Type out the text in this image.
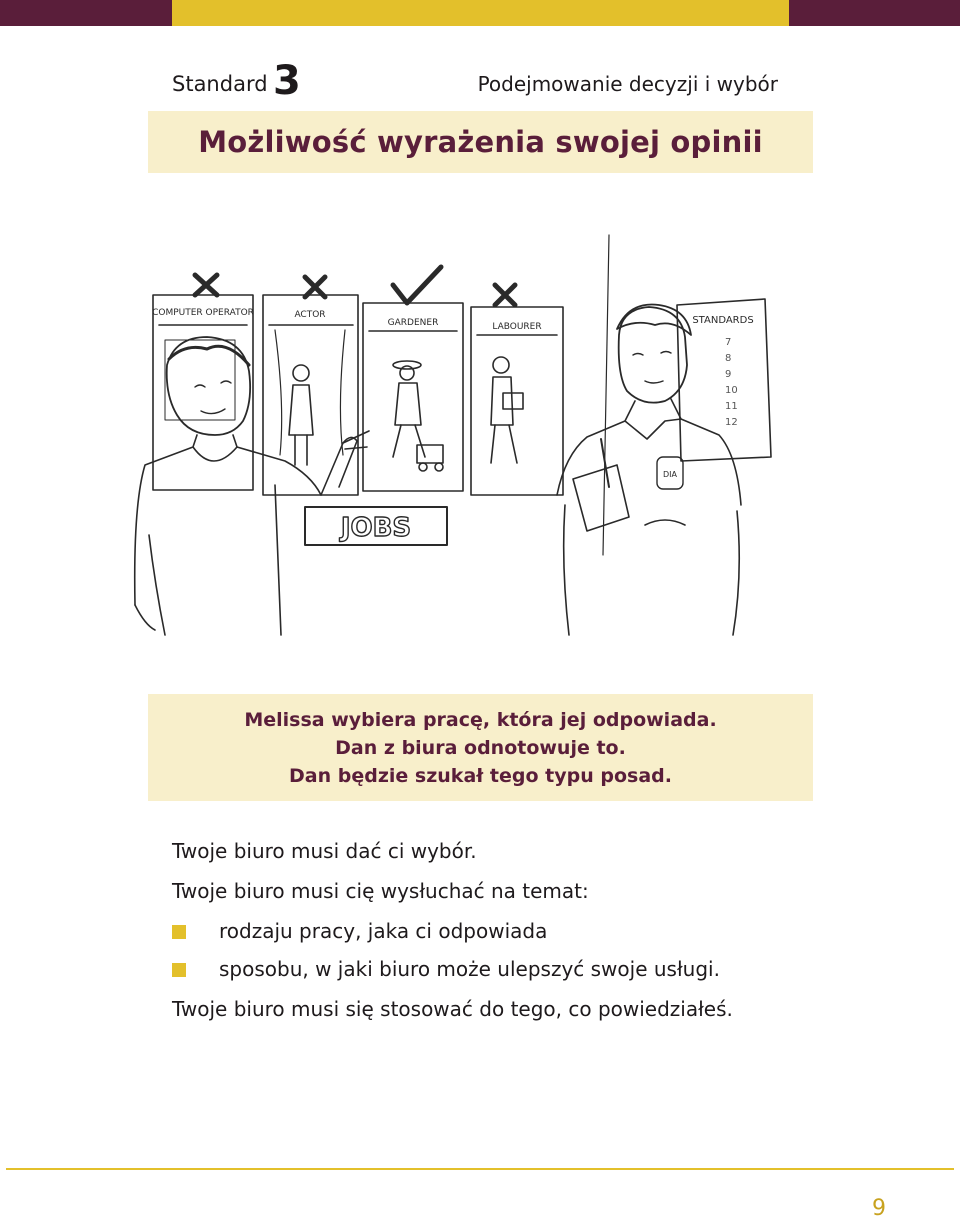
Standard 3	Podejmowanie decyzji i wybór
Możliwość wyrażenia swojej opinii
COMPUTER OPERATOR	ACTOR
GARDENER	LABOURER
JOBS
STANDARDS
7
8
9
10
11
12
DIA
Melissa wybiera pracę, która jej odpowiada.
Dan z biura odnotowuje to.
Dan będzie szukał tego typu posad.
Twoje biuro musi dać ci wybór.
Twoje biuro musi cię wysłuchać na temat:
rodzaju pracy, jaka ci odpowiada
sposobu, w jaki biuro może ulepszyć swoje usługi.
Twoje biuro musi się stosować do tego, co powiedziałeś.
9
